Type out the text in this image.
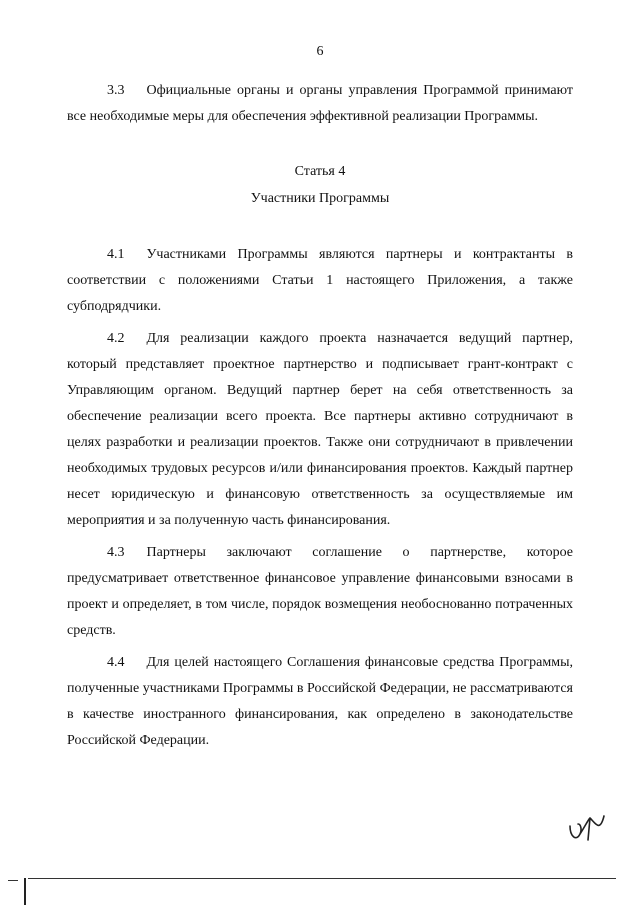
6

3.3 Официальные органы и органы управления Программой принимают все необходимые меры для обеспечения эффективной реализации Программы.

Статья 4

Участники Программы

4.1 Участниками Программы являются партнеры и контрактанты в соответствии с положениями Статьи 1 настоящего Приложения, а также субподрядчики.

4.2 Для реализации каждого проекта назначается ведущий партнер, который представляет проектное партнерство и подписывает грант-контракт с Управляющим органом. Ведущий партнер берет на себя ответственность за обеспечение реализации всего проекта. Все партнеры активно сотрудничают в целях разработки и реализации проектов. Также они сотрудничают в привлечении необходимых трудовых ресурсов и/или финансирования проектов. Каждый партнер несет юридическую и финансовую ответственность за осуществляемые им мероприятия и за полученную часть финансирования.

4.3 Партнеры заключают соглашение о партнерстве, которое предусматривает ответственное финансовое управление финансовыми взносами в проект и определяет, в том числе, порядок возмещения необоснованно потраченных средств.

4.4 Для целей настоящего Соглашения финансовые средства Программы, полученные участниками Программы в Российской Федерации, не рассматриваются в качестве иностранного финансирования, как определено в законодательстве Российской Федерации.
